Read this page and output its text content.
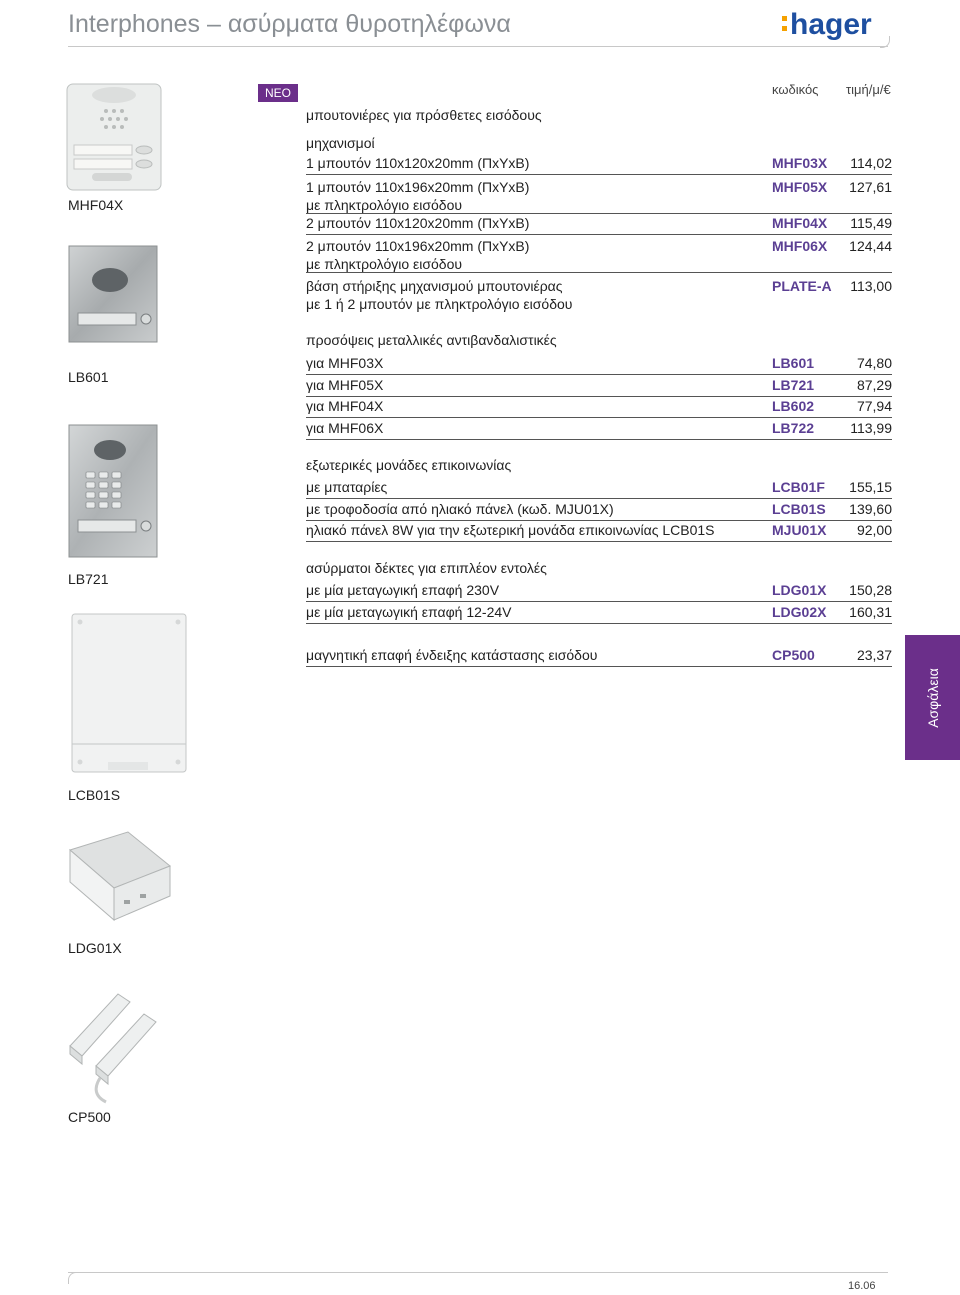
Interphones – ασύρματα θυροτηλέφωνα	hager
MHF04X
LB601
LB721
LCB01S
LDG01X
CP500
ΝΕΟ	κωδικός τιμή/μ/€
μπουτονιέρες για πρόσθετες εισόδους
μηχανισμοί
1 μπουτόν 110x120x20mm (ΠxΥxΒ)	MHF03X 114,02
1 μπουτόν 110x196x20mm (ΠxΥxΒ)
με πληκτρολόγιο εισόδου
MHF05X 127,61
2 μπουτόν 110x120x20mm (ΠxΥxΒ)	MHF04X 115,49
2 μπουτόν 110x196x20mm (ΠxΥxΒ)
με πληκτρολόγιο εισόδου
MHF06X 124,44
βάση στήριξης μηχανισμού μπουτονιέρας
με 1 ή 2 μπουτόν με πληκτρολόγιο εισόδου
PLATE-A 113,00
προσόψεις μεταλλικές αντιβανδαλιστικές
για MHF03X	LB601	74,80
για MHF05X	LB721	87,29
για MHF04X	LB602	77,94
για MHF06X	LB722	113,99
εξωτερικές μονάδες επικοινωνίας
με μπαταρίες	LCB01F 155,15
με τροφοδοσία από ηλιακό πάνελ (κωδ. MJU01X)	LCB01S 139,60
ηλιακό πάνελ 8W για την εξωτερική μονάδα επικοινωνίας LCB01S	MJU01X 92,00
ασύρματοι δέκτες για επιπλέον εντολές
με μία μεταγωγική επαφή 230V	LDG01X 150,28
με μία μεταγωγική επαφή 12-24V	LDG02X 160,31
μαγνητική επαφή ένδειξης κατάστασης εισόδου	CP500	23,37
Ασφάλεια
16.06
